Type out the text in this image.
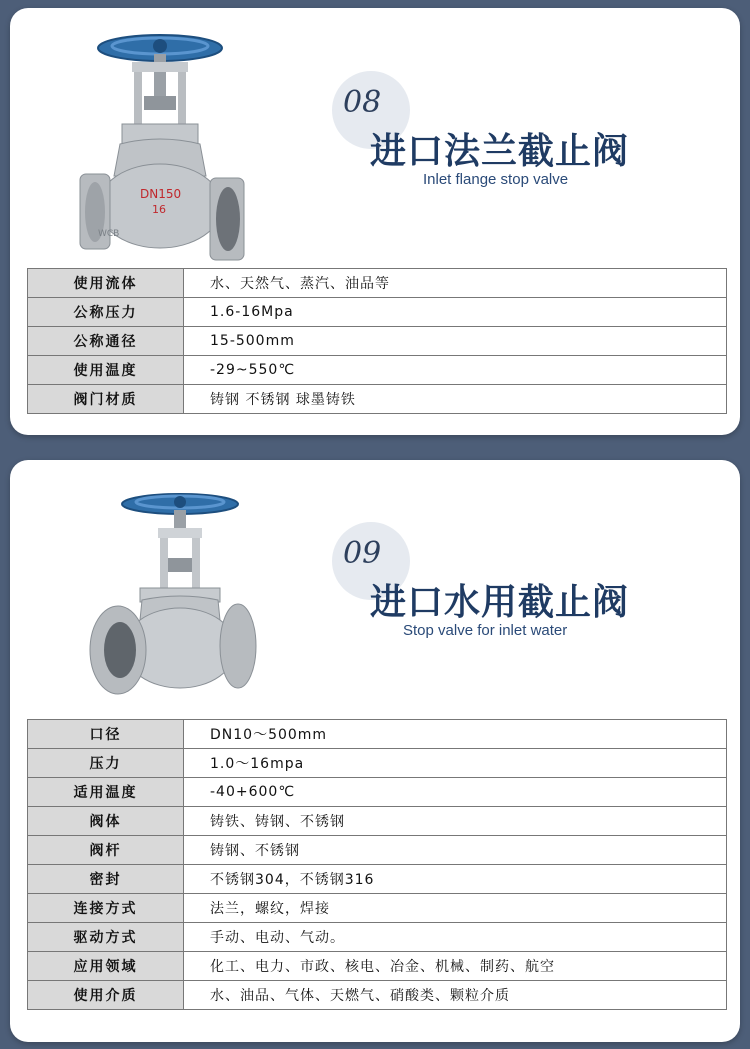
DN150
16
WCB
08
进口法兰截止阀
Inlet flange stop valve
使用流体	水、天然气、蒸汽、油品等
公称压力	1.6-16Mpa
公称通径	15-500mm
使用温度	-29~550℃
阀门材质	铸钢 不锈钢 球墨铸铁
09
进口水用截止阀
Stop valve for inlet water
口径	DN10～500mm
压力	1.0～16mpa
适用温度	-40+600℃
阀体	铸铁、铸钢、不锈钢
阀杆	铸钢、不锈钢
密封	不锈钢304，不锈钢316
连接方式	法兰，螺纹，焊接
驱动方式	手动、电动、气动。
应用领域	化工、电力、市政、核电、冶金、机械、制药、航空
使用介质	水、油品、气体、天燃气、硝酸类、颗粒介质
